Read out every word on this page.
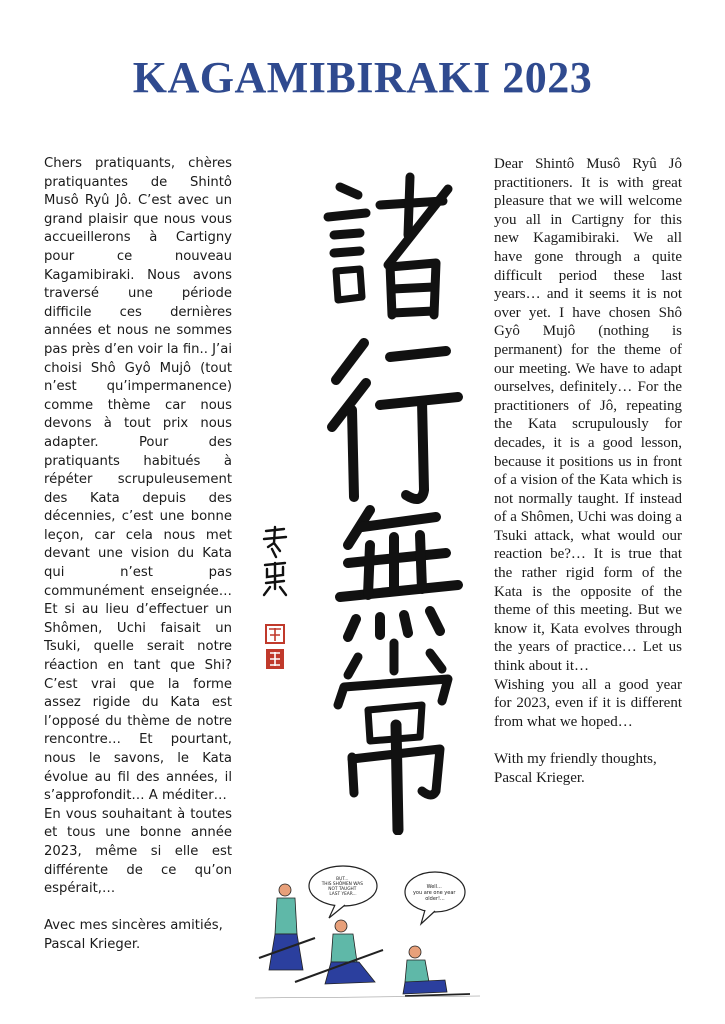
KAGAMIBIRAKI 2023

Chers pratiquants, chères pratiquantes de Shintô Musô Ryû Jô. C’est avec un grand plaisir que nous vous accueillerons à Cartigny pour ce nouveau Kagamibiraki. Nous avons traversé une période difficile ces dernières années et nous ne sommes pas près d’en voir la fin.. J’ai choisi Shô Gyô Mujô (tout n’est qu’impermanence) comme thème car nous devons à tout prix nous adapter. Pour des pratiquants habitués à répéter scrupuleusement des Kata depuis des décennies, c’est une bonne leçon, car cela nous met devant une vision du Kata qui n’est pas communément enseignée… Et si au lieu d’effectuer un Shômen, Uchi faisait un Tsuki, quelle serait notre réaction en tant que Shi? C’est vrai que la forme assez rigide du Kata est l’opposé du thème de notre rencontre… Et pourtant, nous le savons, le Kata évolue au fil des années, il s’approfondit… A méditer…

En vous souhaitant à toutes et tous une bonne année 2023, même si elle est différente de ce qu’on espérait,…

Avec mes sincères amitiés,

Pascal Krieger.

Dear Shintô Musô Ryû Jô practitioners. It is with great pleasure that we will welcome you all in Cartigny for this new Kagamibiraki. We all have gone through a quite difficult period these last years… and it seems it is not over yet. I have chosen Shô Gyô Mujô (nothing is permanent) for the theme of our meeting. We have to adapt ourselves, definitely… For the practitioners of Jô, repeating the Kata scrupulously for decades, it is a good lesson, because it positions us in front of a vision of the Kata which is not normally taught. If instead of a Shômen, Uchi was doing a Tsuki attack, what would our reaction be?… It is true that the rather rigid form of the Kata is the opposite of the theme of this meeting. But we know it, Kata evolves through the years of practice… Let us think about it…

Wishing you all a good year for 2023, even if it is different from what we hoped…

With my friendly thoughts,

Pascal Krieger.

BUT... THIS SHÔMEN WAS NOT TAUGHT LAST YEAR...
Well... you are one year older!...
